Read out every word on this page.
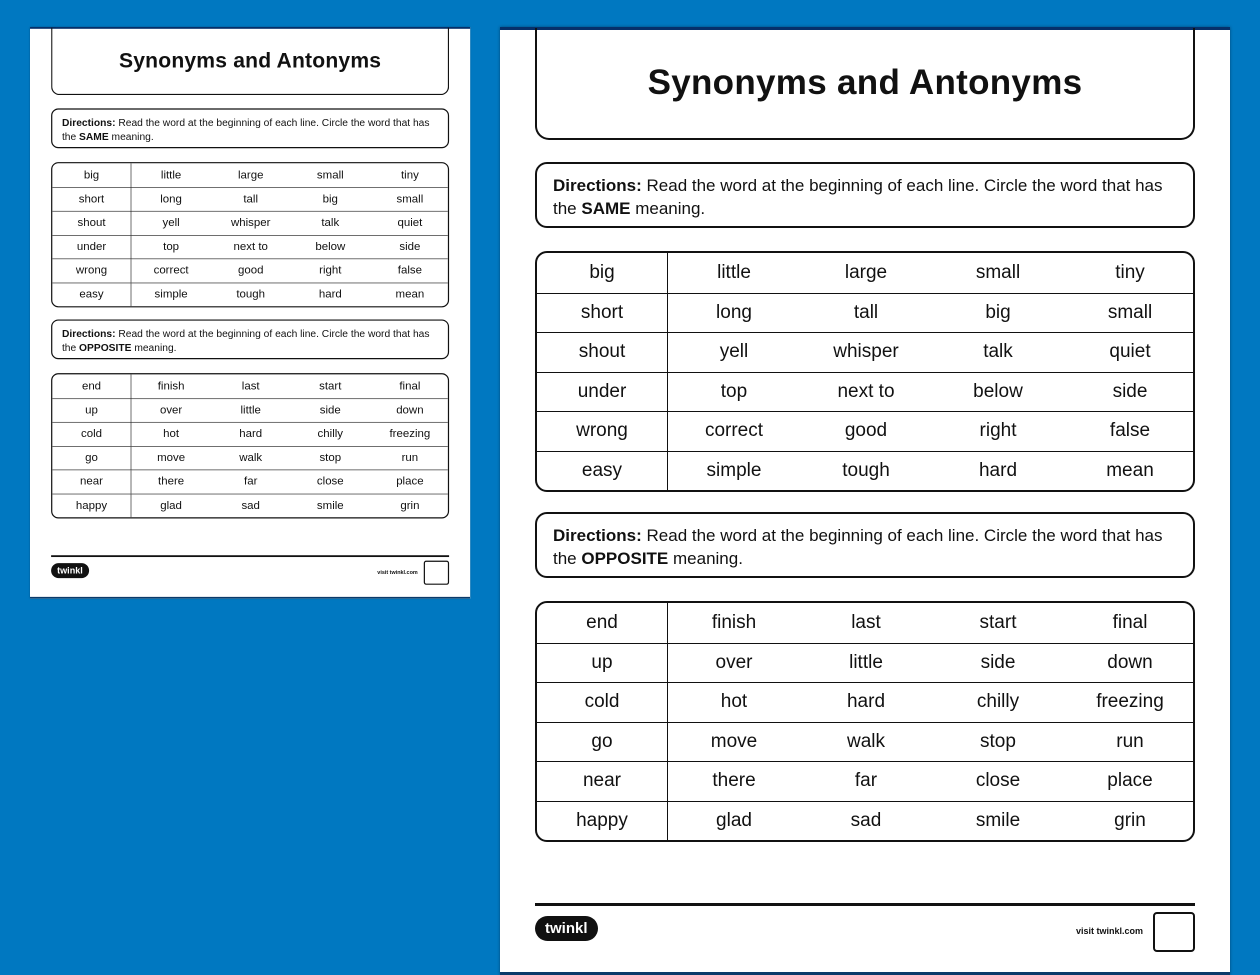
Synonyms and Antonyms
Directions: Read the word at the beginning of each line. Circle the word that has the SAME meaning.
big	little	large	small	tiny
short	long	tall	big	small
shout	yell	whisper	talk	quiet
under	top	next to	below	side
wrong	correct	good	right	false
easy	simple	tough	hard	mean
Directions: Read the word at the beginning of each line. Circle the word that has the OPPOSITE meaning.
end	finish	last	start	final
up	over	little	side	down
cold	hot	hard	chilly	freezing
go	move	walk	stop	run
near	there	far	close	place
happy	glad	sad	smile	grin
twinkl	visit twinkl.com
Synonyms and Antonyms
Directions: Read the word at the beginning of each line. Circle the word that has the SAME meaning.
big	little	large	small	tiny
short	long	tall	big	small
shout	yell	whisper	talk	quiet
under	top	next to	below	side
wrong	correct	good	right	false
easy	simple	tough	hard	mean
Directions: Read the word at the beginning of each line. Circle the word that has the OPPOSITE meaning.
end	finish	last	start	final
up	over	little	side	down
cold	hot	hard	chilly	freezing
go	move	walk	stop	run
near	there	far	close	place
happy	glad	sad	smile	grin
twinkl	visit twinkl.com
